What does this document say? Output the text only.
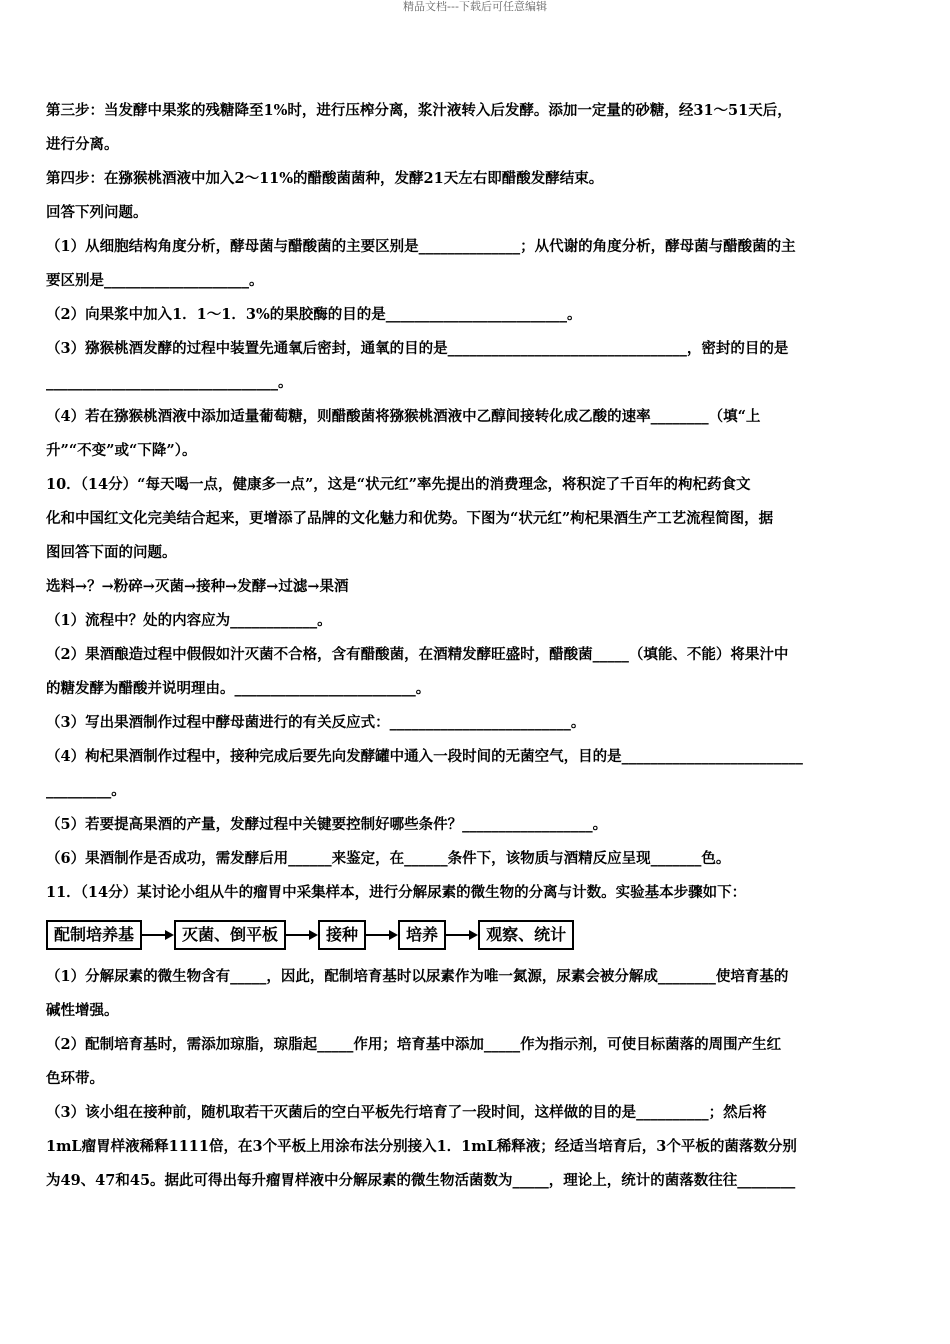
精品文档---下载后可任意编辑
第三步：当发酵中果浆的残糖降至1%时，进行压榨分离，浆汁液转入后发酵。添加一定量的砂糖，经31～51天后，
进行分离。
第四步：在猕猴桃酒液中加入2～11%的醋酸菌菌种，发酵21天左右即醋酸发酵结束。
回答下列问题。
（1）从细胞结构角度分析，酵母菌与醋酸菌的主要区别是______________；从代谢的角度分析，酵母菌与醋酸菌的主
要区别是____________________。
（2）向果浆中加入1．1～1．3%的果胶酶的目的是_________________________。
（3）猕猴桃酒发酵的过程中装置先通氧后密封，通氧的目的是_________________________________，密封的目的是
________________________________。
（4）若在猕猴桃酒液中添加适量葡萄糖，则醋酸菌将猕猴桃酒液中乙醇间接转化成乙酸的速率________（填“上
升”“不变”或“下降”）。
10．（14分）“每天喝一点，健康多一点”，这是“状元红”率先提出的消费理念，将积淀了千百年的枸杞药食文
化和中国红文化完美结合起来，更增添了品牌的文化魅力和优势。下图为“状元红”枸杞果酒生产工艺流程简图，据
图回答下面的问题。
选料→？→粉碎→灭菌→接种→发酵→过滤→果酒
（1）流程中？处的内容应为____________。
（2）果酒酿造过程中假假如汁灭菌不合格，含有醋酸菌，在酒精发酵旺盛时，醋酸菌_____（填能、不能）将果汁中
的糖发酵为醋酸并说明理由。_________________________。
（3）写出果酒制作过程中酵母菌进行的有关反应式：_________________________。
（4）枸杞果酒制作过程中，接种完成后要先向发酵罐中通入一段时间的无菌空气，目的是_________________________
_________。
（5）若要提高果酒的产量，发酵过程中关键要控制好哪些条件？__________________。
（6）果酒制作是否成功，需发酵后用______来鉴定，在______条件下，该物质与酒精反应呈现_______色。
11．（14分）某讨论小组从牛的瘤胃中采集样本，进行分解尿素的微生物的分离与计数。实验基本步骤如下：
配制培养基	灭菌、倒平板	接种	培养	观察、统计
（1）分解尿素的微生物含有_____，因此，配制培育基时以尿素作为唯一氮源，尿素会被分解成________使培育基的
碱性增强。
（2）配制培育基时，需添加琼脂，琼脂起_____作用；培育基中添加_____作为指示剂，可使目标菌落的周围产生红
色环带。
（3）该小组在接种前，随机取若干灭菌后的空白平板先行培育了一段时间，这样做的目的是__________；然后将
1mL瘤胃样液稀释1111倍，在3个平板上用涂布法分别接入1．1mL稀释液；经适当培育后，3个平板的菌落数分别
为49、47和45。据此可得出每升瘤胃样液中分解尿素的微生物活菌数为_____，理论上，统计的菌落数往往________
